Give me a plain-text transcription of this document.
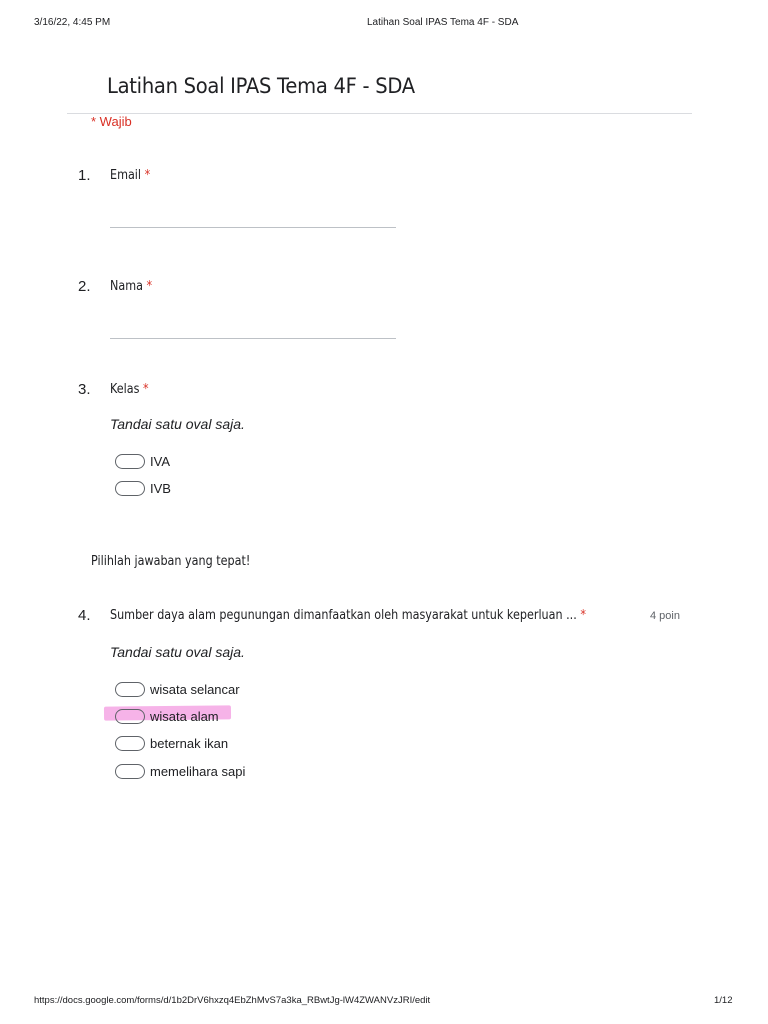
3/16/22, 4:45 PM	Latihan Soal IPAS Tema 4F - SDA
Latihan Soal IPAS Tema 4F - SDA
* Wajib
1. Email *
2. Nama *
3. Kelas *
Tandai satu oval saja.
IVA
IVB
Pilihlah jawaban yang tepat!
4. Sumber daya alam pegunungan dimanfaatkan oleh masyarakat untuk keperluan ... *	4 poin
Tandai satu oval saja.
wisata selancar
wisata alam
beternak ikan
memelihara sapi
https://docs.google.com/forms/d/1b2DrV6hxzq4EbZhMvS7a3ka_RBwtJg-lW4ZWANVzJRI/edit	1/12
